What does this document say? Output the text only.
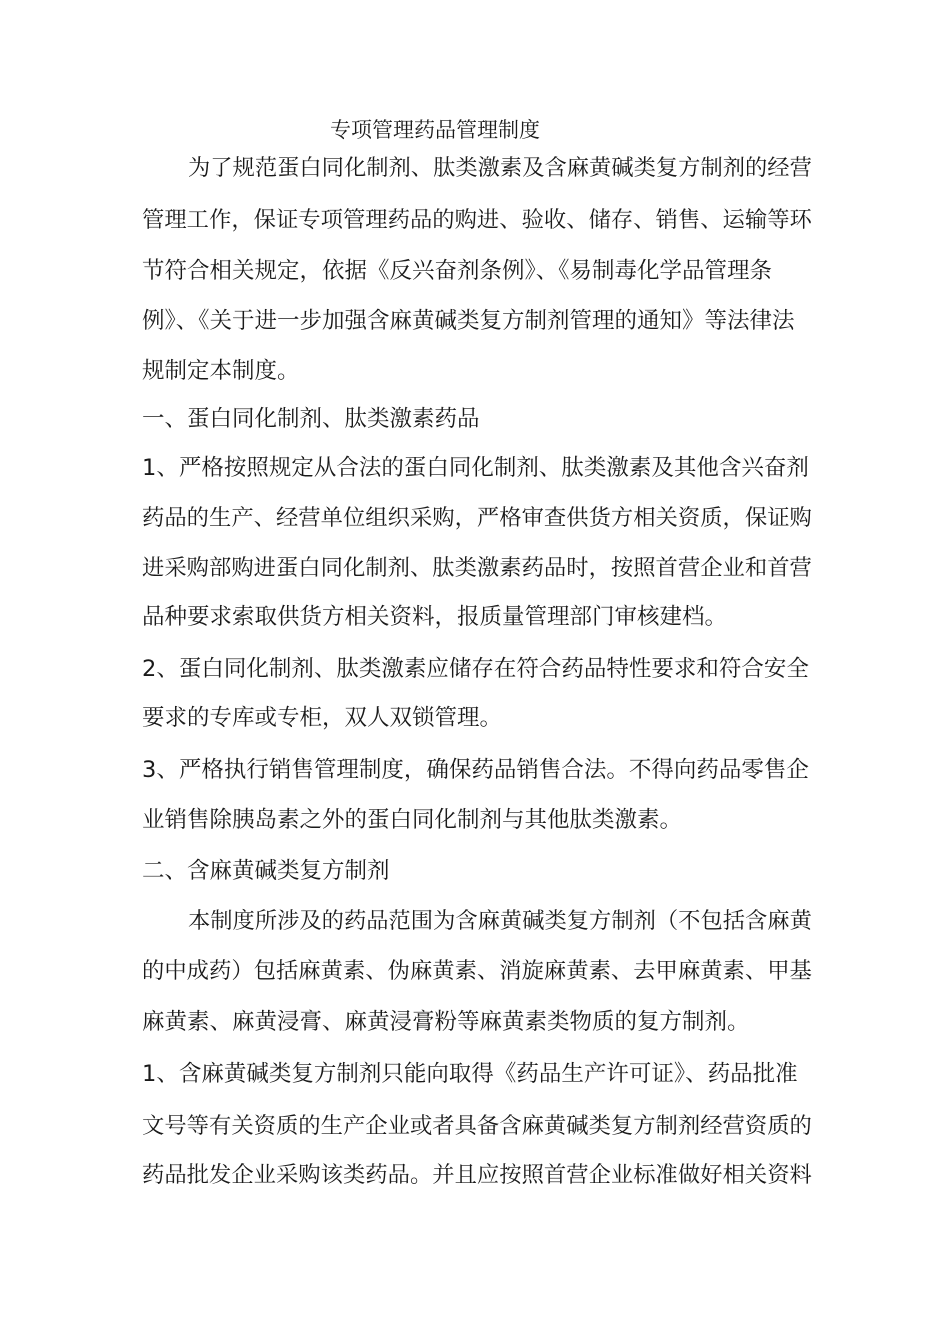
专项管理药品管理制度

为了规范蛋白同化制剂、肽类激素及含麻黄碱类复方制剂的经营

管理工作，保证专项管理药品的购进、验收、储存、销售、运输等环

节符合相关规定，依据《反兴奋剂条例》、《易制毒化学品管理条

例》、《关于进一步加强含麻黄碱类复方制剂管理的通知》等法律法

规制定本制度。

一、蛋白同化制剂、肽类激素药品

1、严格按照规定从合法的蛋白同化制剂、肽类激素及其他含兴奋剂

药品的生产、经营单位组织采购，严格审查供货方相关资质，保证购

进采购部购进蛋白同化制剂、肽类激素药品时，按照首营企业和首营

品种要求索取供货方相关资料，报质量管理部门审核建档。

2、蛋白同化制剂、肽类激素应储存在符合药品特性要求和符合安全

要求的专库或专柜，双人双锁管理。

3、严格执行销售管理制度，确保药品销售合法。不得向药品零售企

业销售除胰岛素之外的蛋白同化制剂与其他肽类激素。

二、含麻黄碱类复方制剂

本制度所涉及的药品范围为含麻黄碱类复方制剂（不包括含麻黄

的中成药）包括麻黄素、伪麻黄素、消旋麻黄素、去甲麻黄素、甲基

麻黄素、麻黄浸膏、麻黄浸膏粉等麻黄素类物质的复方制剂。

1、含麻黄碱类复方制剂只能向取得《药品生产许可证》、药品批准

文号等有关资质的生产企业或者具备含麻黄碱类复方制剂经营资质的

药品批发企业采购该类药品。并且应按照首营企业标准做好相关资料
